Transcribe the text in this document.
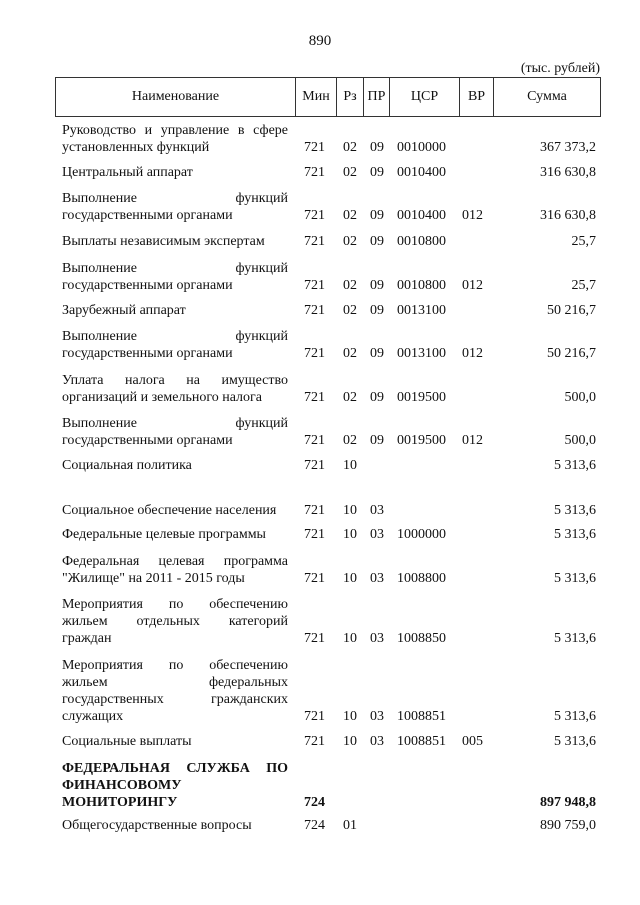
890
(тыс. рублей)
Наименование	Мин Рз ПР	ЦСР	ВР	Сумма
Руководство и управление в сфере установленных функций	721 02 09 0010000	367 373,2
Центральный аппарат	721 02 09 0010400	316 630,8
Выполнение функций государственными органами	721 02 09 0010400 012	316 630,8
Выплаты независимым экспертам	721 02 09 0010800	25,7
Выполнение функций государственными органами	721 02 09 0010800 012	25,7
Зарубежный аппарат	721 02 09 0013100	50 216,7
Выполнение функций государственными органами	721 02 09 0013100 012	50 216,7
Уплата налога на имущество организаций и земельного налога	721 02 09 0019500	500,0
Выполнение функций государственными органами	721 02 09 0019500 012	500,0
Социальная политика	721 10	5 313,6
Социальное обеспечение населения	721 10 03	5 313,6
Федеральные целевые программы	721 10 03 1000000	5 313,6
Федеральная целевая программа "Жилище" на 2011 - 2015 годы	721 10 03 1008800	5 313,6
Мероприятия по обеспечению жильем отдельных категорий граждан	721 10 03 1008850	5 313,6
Мероприятия по обеспечению жильем федеральных государственных гражданских служащих	721 10 03 1008851	5 313,6
Социальные выплаты	721 10 03 1008851 005	5 313,6
ФЕДЕРАЛЬНАЯ СЛУЖБА ПО ФИНАНСОВОМУ МОНИТОРИНГУ	724	897 948,8
Общегосударственные вопросы	724 01	890 759,0
